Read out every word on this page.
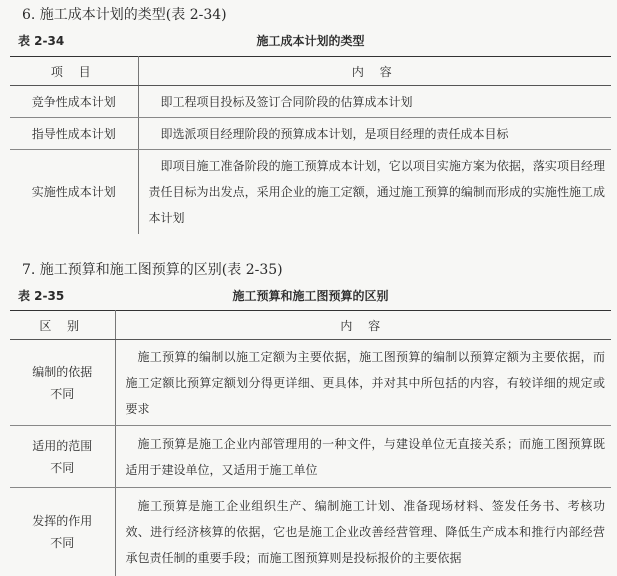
6. 施工成本计划的类型(表 2-34)
表 2-34	施工成本计划的类型
项 目	内 容
竞争性成本计划	即工程项目投标及签订合同阶段的估算成本计划
指导性成本计划	即选派项目经理阶段的预算成本计划，是项目经理的责任成本目标
实施性成本计划	即项目施工准备阶段的施工预算成本计划，它以项目实施方案为依据，落实项目经理责任目标为出发点，采用企业的施工定额，通过施工预算的编制而形成的实施性施工成本计划
7. 施工预算和施工图预算的区别(表 2-35)
表 2-35	施工预算和施工图预算的区别
区 别	内 容

编制的依据
不同	施工预算的编制以施工定额为主要依据，施工图预算的编制以预算定额为主要依据，而施工定额比预算定额划分得更详细、更具体，并对其中所包括的内容，有较详细的规定或要求

适用的范围
不同	施工预算是施工企业内部管理用的一种文件，与建设单位无直接关系；而施工图预算既适用于建设单位，又适用于施工单位

发挥的作用
不同	施工预算是施工企业组织生产、编制施工计划、准备现场材料、签发任务书、考核功效、进行经济核算的依据，它也是施工企业改善经营管理、降低生产成本和推行内部经营承包责任制的重要手段；而施工图预算则是投标报价的主要依据
